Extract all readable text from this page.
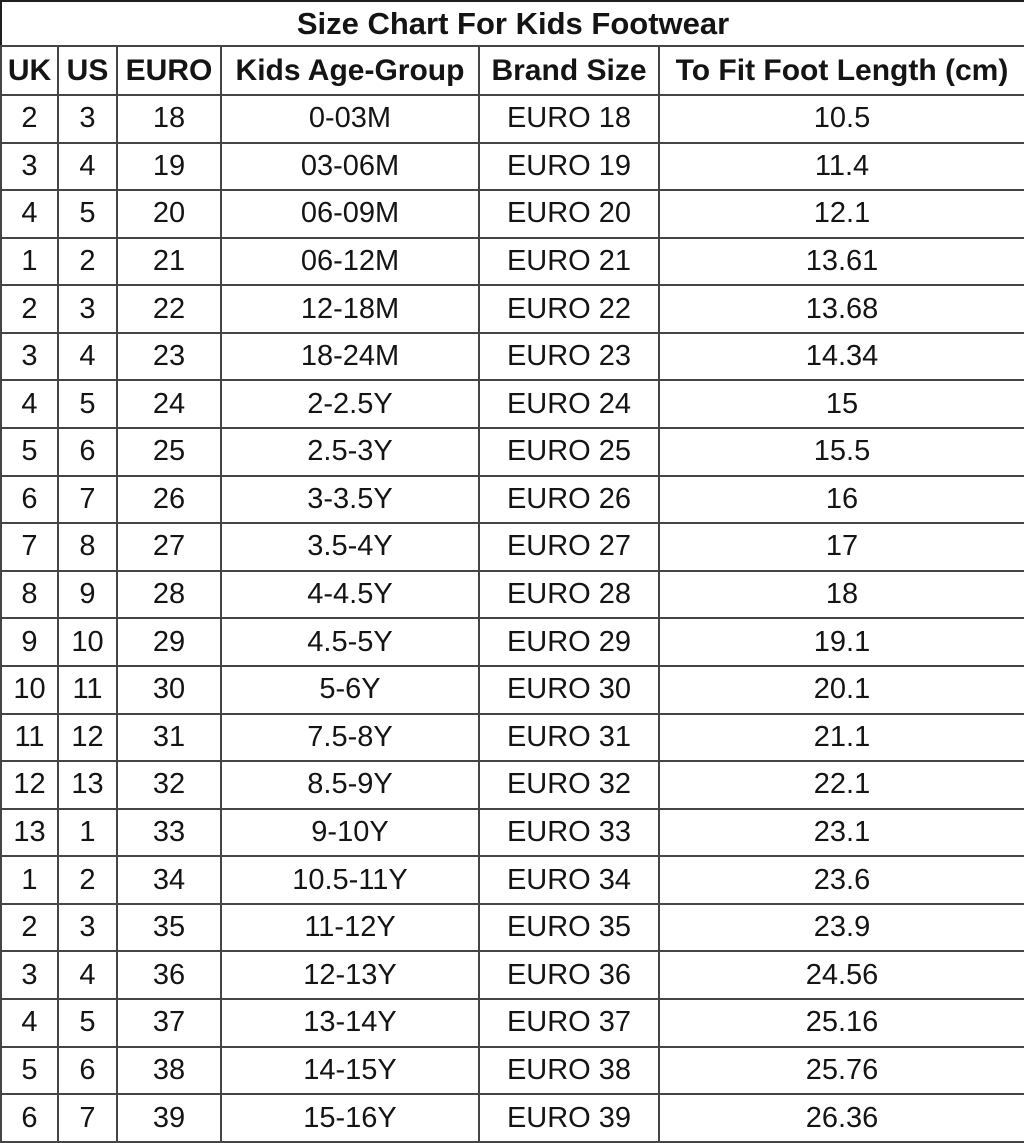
Size Chart For Kids Footwear					
UK	US	EURO	Kids Age-Group	Brand Size	To Fit Foot Length (cm)
2	3	18	0-03M	EURO 18	10.5
3	4	19	03-06M	EURO 19	11.4
4	5	20	06-09M	EURO 20	12.1
1	2	21	06-12M	EURO 21	13.61
2	3	22	12-18M	EURO 22	13.68
3	4	23	18-24M	EURO 23	14.34
4	5	24	2-2.5Y	EURO 24	15
5	6	25	2.5-3Y	EURO 25	15.5
6	7	26	3-3.5Y	EURO 26	16
7	8	27	3.5-4Y	EURO 27	17
8	9	28	4-4.5Y	EURO 28	18
9	10	29	4.5-5Y	EURO 29	19.1
10	11	30	5-6Y	EURO 30	20.1
11	12	31	7.5-8Y	EURO 31	21.1
12	13	32	8.5-9Y	EURO 32	22.1
13	1	33	9-10Y	EURO 33	23.1
1	2	34	10.5-11Y	EURO 34	23.6
2	3	35	11-12Y	EURO 35	23.9
3	4	36	12-13Y	EURO 36	24.56
4	5	37	13-14Y	EURO 37	25.16
5	6	38	14-15Y	EURO 38	25.76
6	7	39	15-16Y	EURO 39	26.36
